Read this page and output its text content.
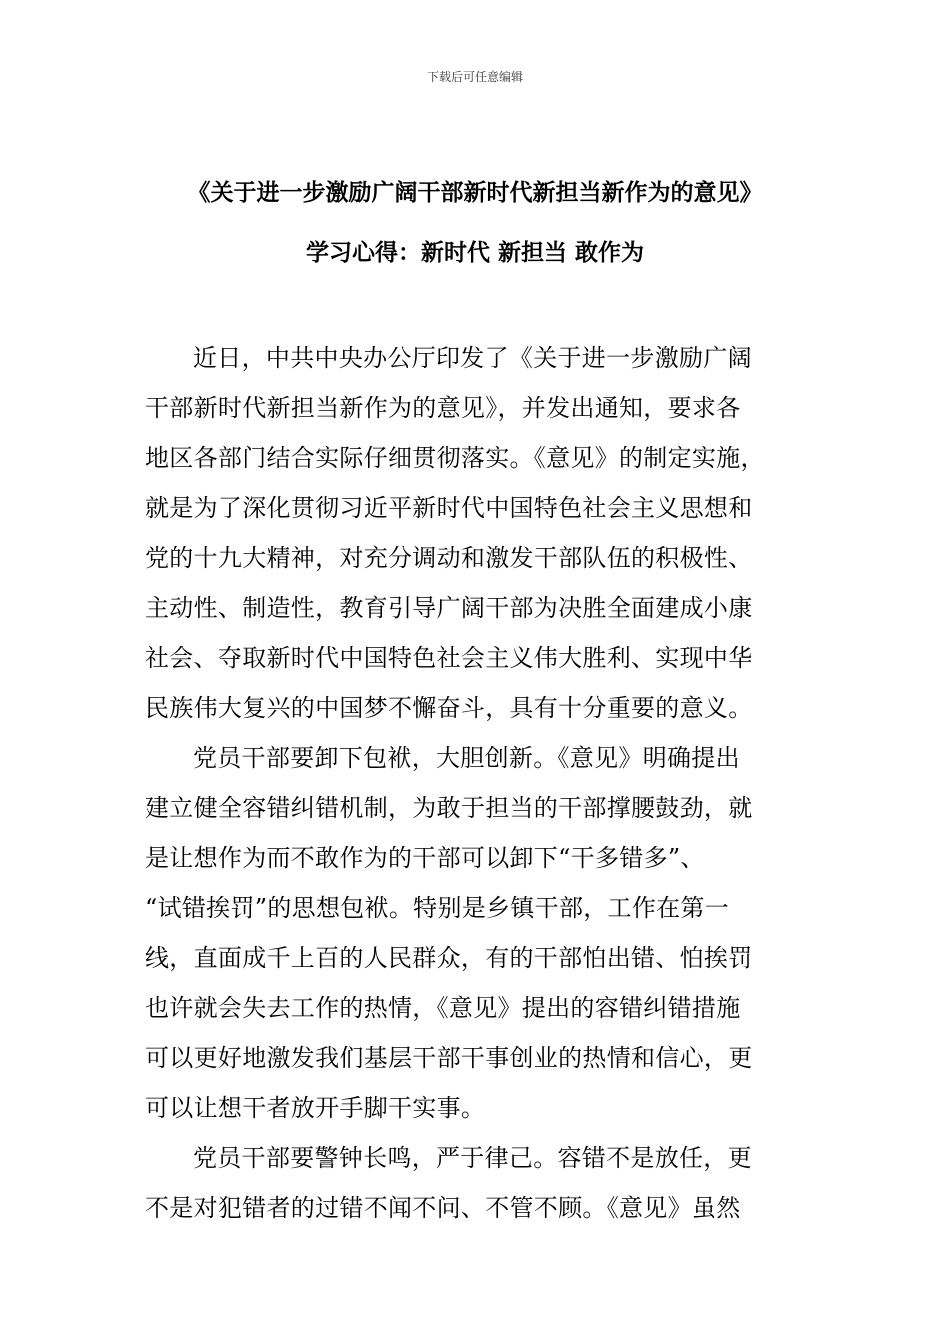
下载后可任意编辑
《关于进一步激励广阔干部新时代新担当新作为的意见》
学习心得：新时代 新担当 敢作为
近日，中共中央办公厅印发了《关于进一步激励广阔
干部新时代新担当新作为的意见》，并发出通知，要求各
地区各部门结合实际仔细贯彻落实。《意见》的制定实施，
就是为了深化贯彻习近平新时代中国特色社会主义思想和
党的十九大精神，对充分调动和激发干部队伍的积极性、
主动性、制造性，教育引导广阔干部为决胜全面建成小康
社会、夺取新时代中国特色社会主义伟大胜利、实现中华
民族伟大复兴的中国梦不懈奋斗，具有十分重要的意义。
党员干部要卸下包袱，大胆创新。《意见》明确提出
建立健全容错纠错机制，为敢于担当的干部撑腰鼓劲，就
是让想作为而不敢作为的干部可以卸下“干多错多”、
“试错挨罚”的思想包袱。特别是乡镇干部，工作在第一
线，直面成千上百的人民群众，有的干部怕出错、怕挨罚
也许就会失去工作的热情，《意见》提出的容错纠错措施
可以更好地激发我们基层干部干事创业的热情和信心，更
可以让想干者放开手脚干实事。
党员干部要警钟长鸣，严于律己。容错不是放任，更
不是对犯错者的过错不闻不问、不管不顾。《意见》虽然
